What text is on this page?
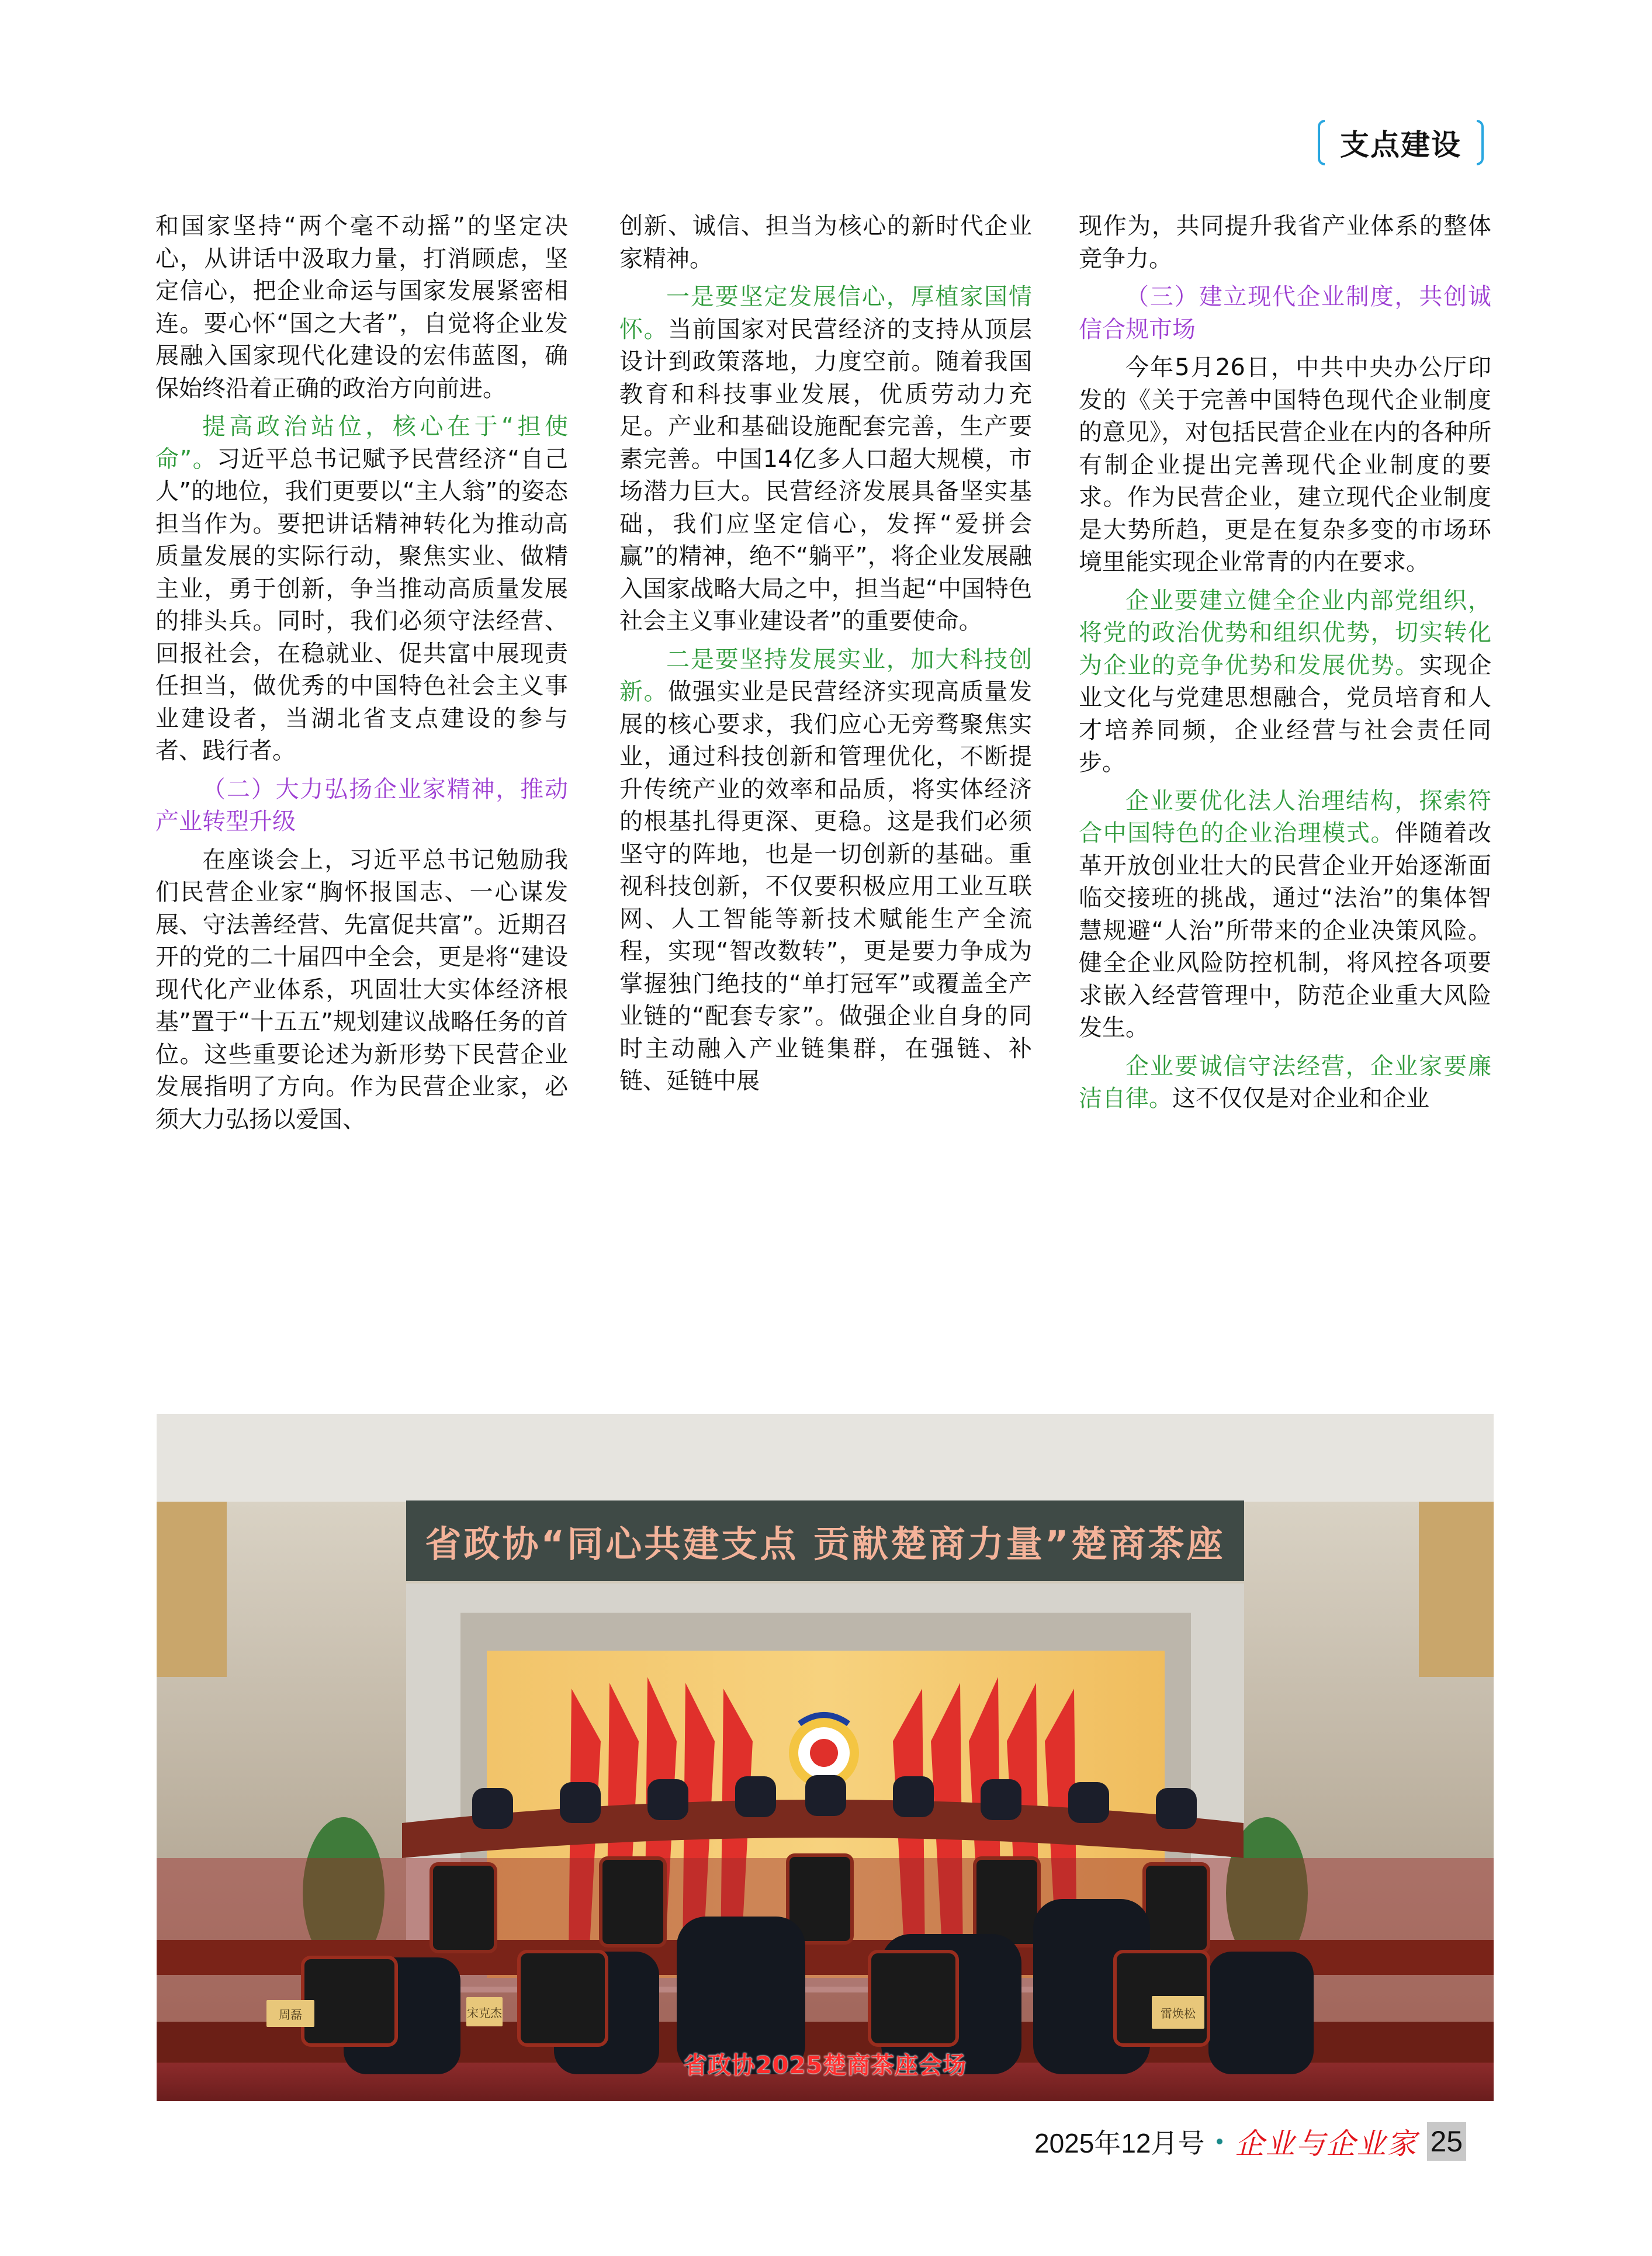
支点建设

和国家坚持“两个毫不动摇”的坚定决心，从讲话中汲取力量，打消顾虑，坚定信心，把企业命运与国家发展紧密相连。要心怀“国之大者”，自觉将企业发展融入国家现代化建设的宏伟蓝图，确保始终沿着正确的政治方向前进。

提高政治站位，核心在于“担使命”。习近平总书记赋予民营经济“自己人”的地位，我们更要以“主人翁”的姿态担当作为。要把讲话精神转化为推动高质量发展的实际行动，聚焦实业、做精主业，勇于创新，争当推动高质量发展的排头兵。同时，我们必须守法经营、回报社会，在稳就业、促共富中展现责任担当，做优秀的中国特色社会主义事业建设者，当湖北省支点建设的参与者、践行者。

（二）大力弘扬企业家精神，推动产业转型升级

在座谈会上，习近平总书记勉励我们民营企业家“胸怀报国志、一心谋发展、守法善经营、先富促共富”。近期召开的党的二十届四中全会，更是将“建设现代化产业体系，巩固壮大实体经济根基”置于“十五五”规划建议战略任务的首位。这些重要论述为新形势下民营企业发展指明了方向。作为民营企业家，必须大力弘扬以爱国、

创新、诚信、担当为核心的新时代企业家精神。

一是要坚定发展信心，厚植家国情怀。当前国家对民营经济的支持从顶层设计到政策落地，力度空前。随着我国教育和科技事业发展，优质劳动力充足。产业和基础设施配套完善，生产要素完善。中国14亿多人口超大规模，市场潜力巨大。民营经济发展具备坚实基础，我们应坚定信心，发挥“爱拼会赢”的精神，绝不“躺平”，将企业发展融入国家战略大局之中，担当起“中国特色社会主义事业建设者”的重要使命。

二是要坚持发展实业，加大科技创新。做强实业是民营经济实现高质量发展的核心要求，我们应心无旁骛聚焦实业，通过科技创新和管理优化，不断提升传统产业的效率和品质，将实体经济的根基扎得更深、更稳。这是我们必须坚守的阵地，也是一切创新的基础。重视科技创新，不仅要积极应用工业互联网、人工智能等新技术赋能生产全流程，实现“智改数转”，更是要力争成为掌握独门绝技的“单打冠军”或覆盖全产业链的“配套专家”。做强企业自身的同时主动融入产业链集群，在强链、补链、延链中展

现作为，共同提升我省产业体系的整体竞争力。

（三）建立现代企业制度，共创诚信合规市场

今年5月26日，中共中央办公厅印发的《关于完善中国特色现代企业制度的意见》，对包括民营企业在内的各种所有制企业提出完善现代企业制度的要求。作为民营企业，建立现代企业制度是大势所趋，更是在复杂多变的市场环境里能实现企业常青的内在要求。

企业要建立健全企业内部党组织，将党的政治优势和组织优势，切实转化为企业的竞争优势和发展优势。实现企业文化与党建思想融合，党员培育和人才培养同频，企业经营与社会责任同步。

企业要优化法人治理结构，探索符合中国特色的企业治理模式。伴随着改革开放创业壮大的民营企业开始逐渐面临交接班的挑战，通过“法治”的集体智慧规避“人治”所带来的企业决策风险。健全企业风险防控机制，将风控各项要求嵌入经营管理中，防范企业重大风险发生。

企业要诚信守法经营，企业家要廉洁自律。这不仅仅是对企业和企业

省政协“同心共建支点 贡献楚商力量”楚商茶座
周磊	宋克杰	雷焕松
省政协2025楚商茶座会场
2025年12月号 企业与企业家 25
